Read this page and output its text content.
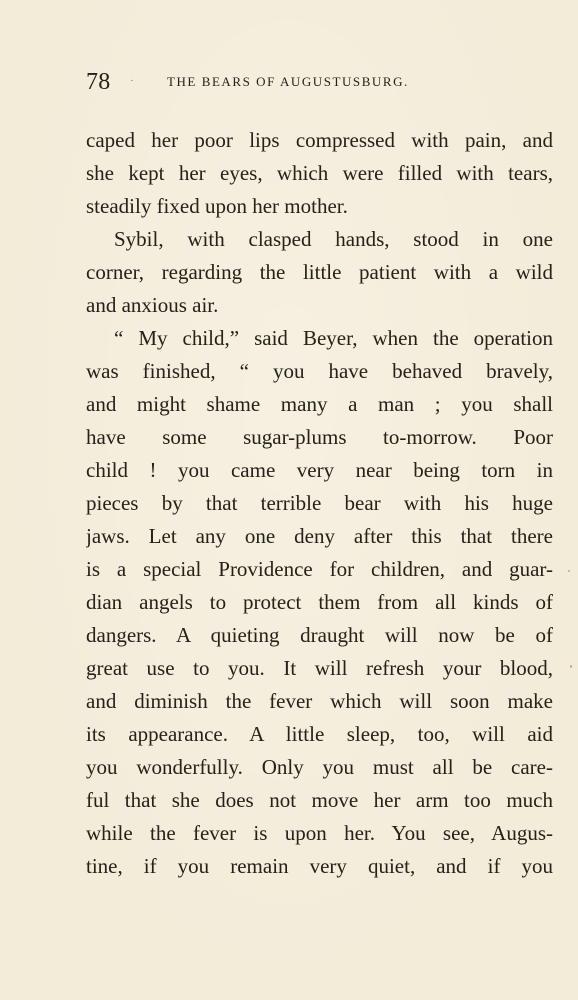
78 ·	THE BEARS OF AUGUSTUSBURG.
caped her poor lips compressed with pain, and
she kept her eyes, which were filled with tears,
steadily fixed upon her mother.
Sybil, with clasped hands, stood in one
corner, regarding the little patient with a wild
and anxious air.
“ My child,” said Beyer, when the operation
was finished, “ you have behaved bravely,
and might shame many a man ; you shall
have some sugar-plums to-morrow. Poor
child ! you came very near being torn in
pieces by that terrible bear with his huge
jaws. Let any one deny after this that there
is a special Providence for children, and guar-
dian angels to protect them from all kinds of
dangers. A quieting draught will now be of
great use to you. It will refresh your blood,
and diminish the fever which will soon make
its appearance. A little sleep, too, will aid
you wonderfully. Only you must all be care-
ful that she does not move her arm too much
while the fever is upon her. You see, Augus-
tine, if you remain very quiet, and if you
